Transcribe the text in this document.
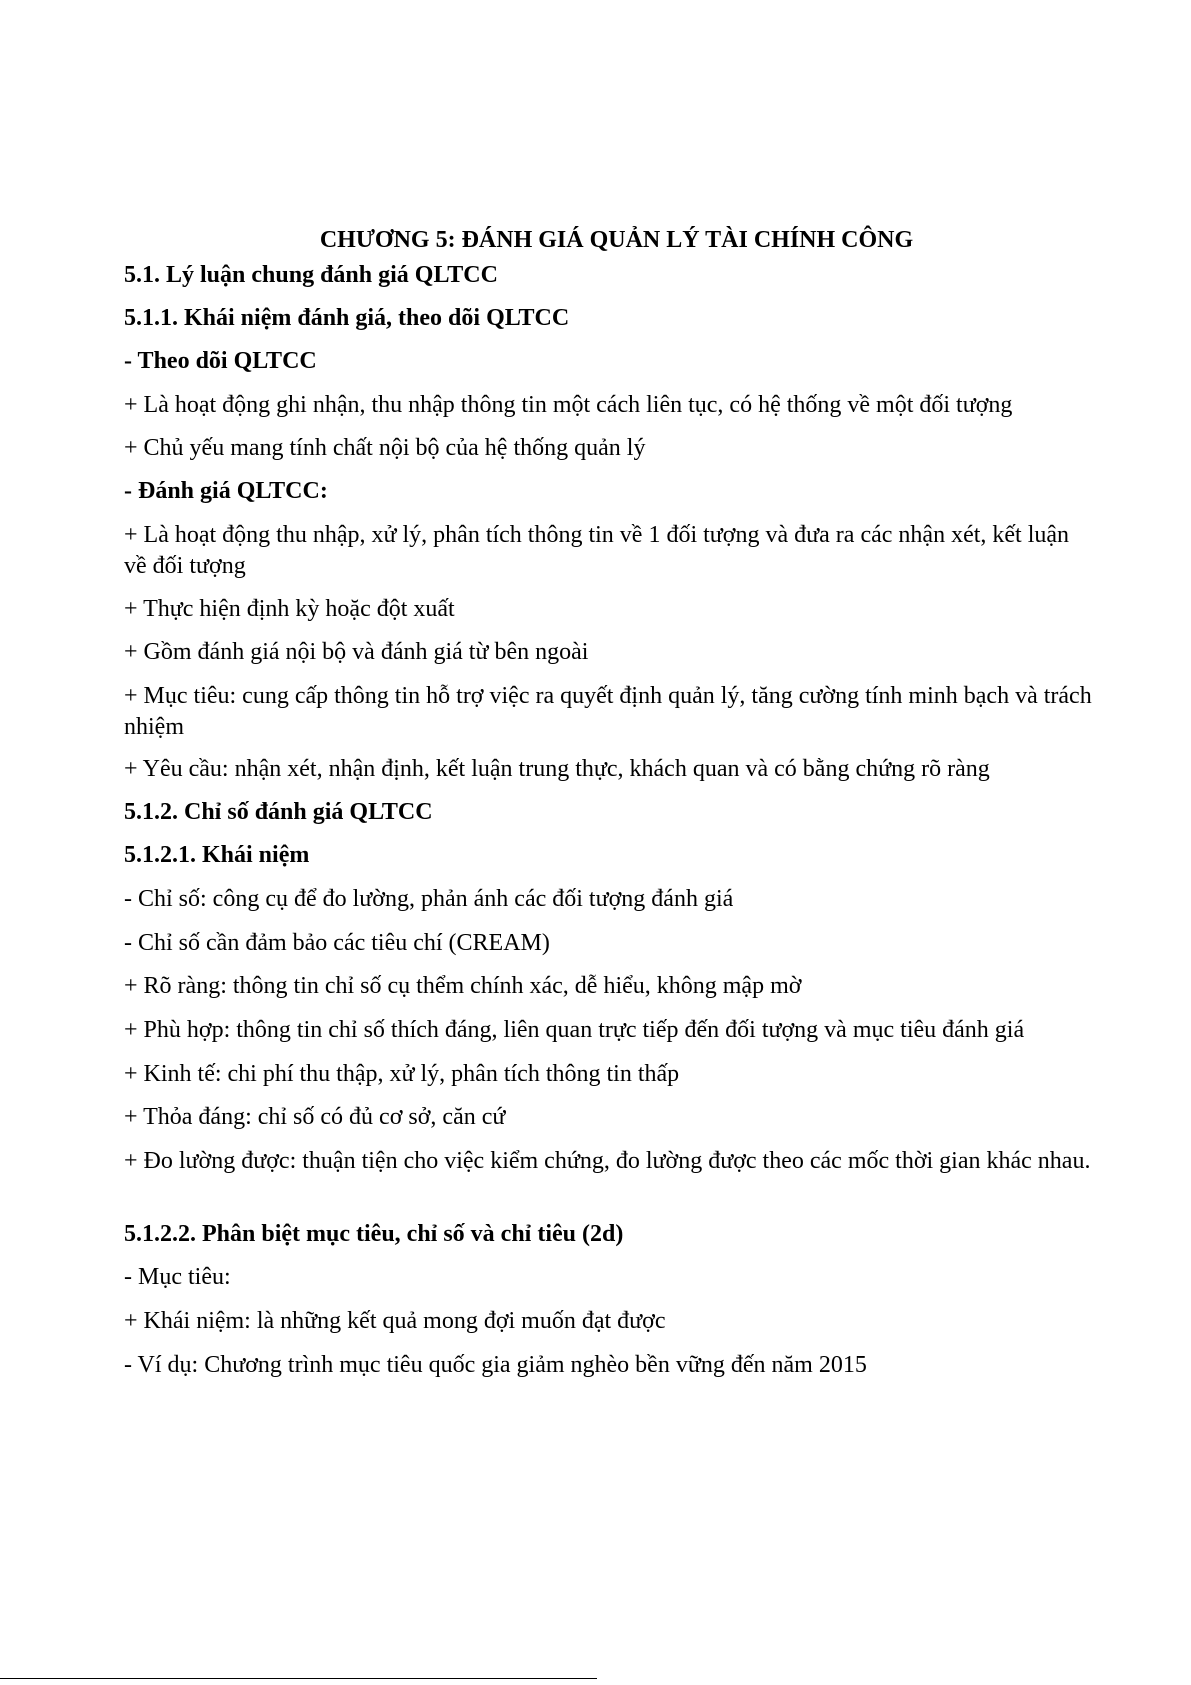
CHƯƠNG 5: ĐÁNH GIÁ QUẢN LÝ TÀI CHÍNH CÔNG

5.1. Lý luận chung đánh giá QLTCC

5.1.1. Khái niệm đánh giá, theo dõi QLTCC

- Theo dõi QLTCC

+ Là hoạt động ghi nhận, thu nhập thông tin một cách liên tục, có hệ thống về một đối tượng

+ Chủ yếu mang tính chất nội bộ của hệ thống quản lý

- Đánh giá QLTCC:

+ Là hoạt động thu nhập, xử lý, phân tích thông tin về 1 đối tượng và đưa ra các nhận xét, kết luận về đối tượng

+ Thực hiện định kỳ hoặc đột xuất

+ Gồm đánh giá nội bộ và đánh giá từ bên ngoài

+ Mục tiêu: cung cấp thông tin hỗ trợ việc ra quyết định quản lý, tăng cường tính minh bạch và trách nhiệm

+ Yêu cầu: nhận xét, nhận định, kết luận trung thực, khách quan và có bằng chứng rõ ràng

5.1.2. Chỉ số đánh giá QLTCC

5.1.2.1. Khái niệm

- Chỉ số: công cụ để đo lường, phản ánh các đối tượng đánh giá

- Chỉ số cần đảm bảo các tiêu chí (CREAM)

+ Rõ ràng: thông tin chỉ số cụ thểm chính xác, dễ hiểu, không mập mờ

+ Phù hợp: thông tin chỉ số thích đáng, liên quan trực tiếp đến đối tượng và mục tiêu đánh giá

+ Kinh tế: chi phí thu thập, xử lý, phân tích thông tin thấp

+ Thỏa đáng: chỉ số có đủ cơ sở, căn cứ

+ Đo lường được: thuận tiện cho việc kiểm chứng, đo lường được theo các mốc thời gian khác nhau.

5.1.2.2. Phân biệt mục tiêu, chỉ số và chỉ tiêu (2d)

- Mục tiêu:

+ Khái niệm: là những kết quả mong đợi muốn đạt được

- Ví dụ: Chương trình mục tiêu quốc gia giảm nghèo bền vững đến năm 2015
